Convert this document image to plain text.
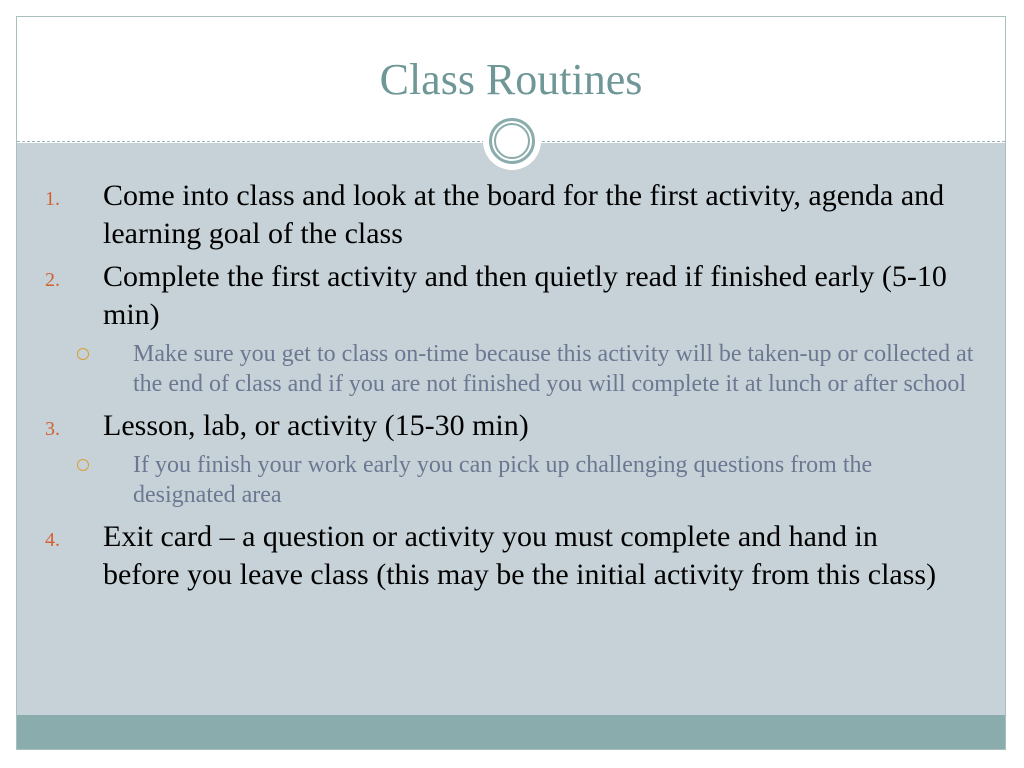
Class Routines
1. Come into class and look at the board for the first activity, agenda and learning goal of the class
2. Complete the first activity and then quietly read if finished early (5-10 min)
Make sure you get to class on-time because this activity will be taken-up or collected at the end of class and if you are not finished you will complete it at lunch or after school
3. Lesson, lab, or activity (15-30 min)
If you finish your work early you can pick up challenging questions from the designated area
4. Exit card – a question or activity you must complete and hand in before you leave class (this may be the initial activity from this class)
